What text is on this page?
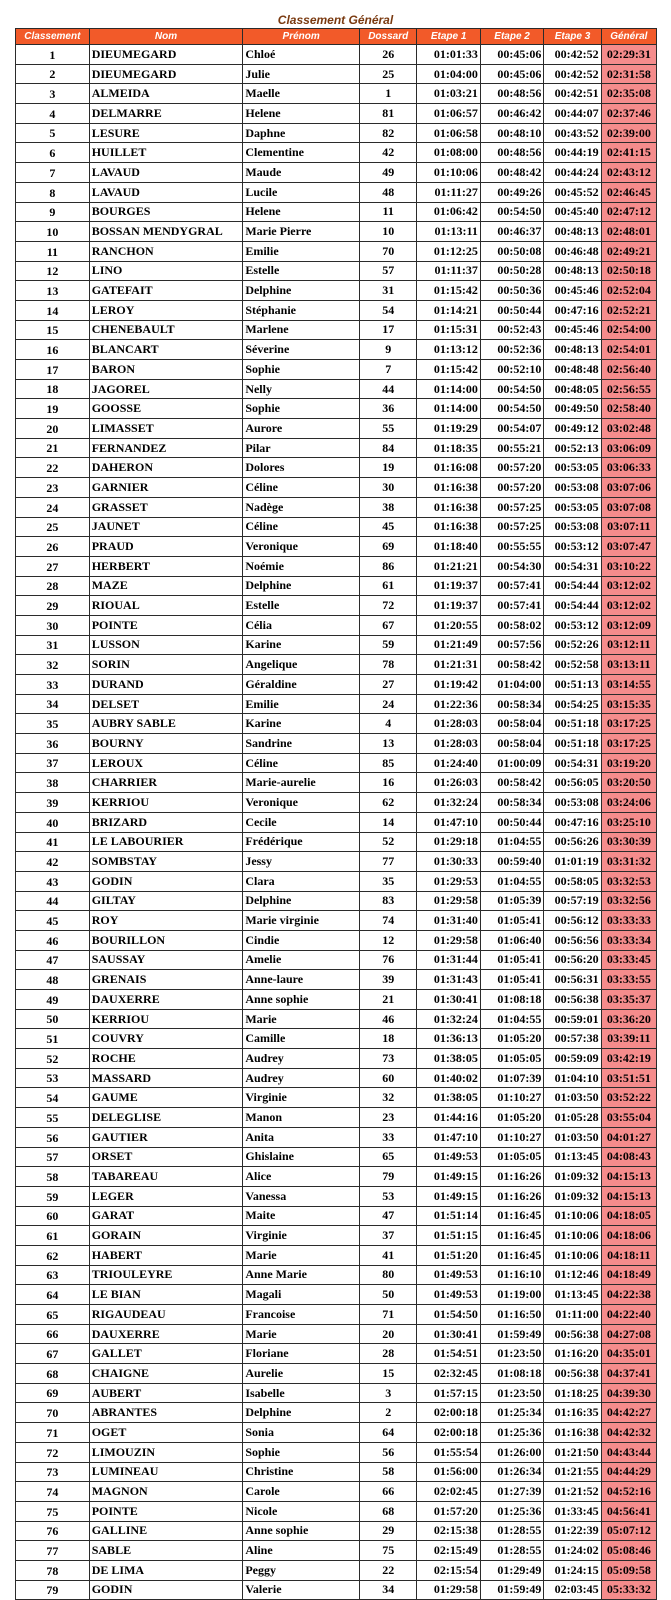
Classement Général
Classement	Nom	Prénom	Dossard	Etape 1	Etape 2	Etape 3	Général
1	DIEUMEGARD	Chloé	26	01:01:33	00:45:06	00:42:52	02:29:31
2	DIEUMEGARD	Julie	25	01:04:00	00:45:06	00:42:52	02:31:58
3	ALMEIDA	Maelle	1	01:03:21	00:48:56	00:42:51	02:35:08
4	DELMARRE	Helene	81	01:06:57	00:46:42	00:44:07	02:37:46
5	LESURE	Daphne	82	01:06:58	00:48:10	00:43:52	02:39:00
6	HUILLET	Clementine	42	01:08:00	00:48:56	00:44:19	02:41:15
7	LAVAUD	Maude	49	01:10:06	00:48:42	00:44:24	02:43:12
8	LAVAUD	Lucile	48	01:11:27	00:49:26	00:45:52	02:46:45
9	BOURGES	Helene	11	01:06:42	00:54:50	00:45:40	02:47:12
10	BOSSAN MENDYGRAL	Marie Pierre	10	01:13:11	00:46:37	00:48:13	02:48:01
11	RANCHON	Emilie	70	01:12:25	00:50:08	00:46:48	02:49:21
12	LINO	Estelle	57	01:11:37	00:50:28	00:48:13	02:50:18
13	GATEFAIT	Delphine	31	01:15:42	00:50:36	00:45:46	02:52:04
14	LEROY	Stéphanie	54	01:14:21	00:50:44	00:47:16	02:52:21
15	CHENEBAULT	Marlene	17	01:15:31	00:52:43	00:45:46	02:54:00
16	BLANCART	Séverine	9	01:13:12	00:52:36	00:48:13	02:54:01
17	BARON	Sophie	7	01:15:42	00:52:10	00:48:48	02:56:40
18	JAGOREL	Nelly	44	01:14:00	00:54:50	00:48:05	02:56:55
19	GOOSSE	Sophie	36	01:14:00	00:54:50	00:49:50	02:58:40
20	LIMASSET	Aurore	55	01:19:29	00:54:07	00:49:12	03:02:48
21	FERNANDEZ	Pilar	84	01:18:35	00:55:21	00:52:13	03:06:09
22	DAHERON	Dolores	19	01:16:08	00:57:20	00:53:05	03:06:33
23	GARNIER	Céline	30	01:16:38	00:57:20	00:53:08	03:07:06
24	GRASSET	Nadège	38	01:16:38	00:57:25	00:53:05	03:07:08
25	JAUNET	Céline	45	01:16:38	00:57:25	00:53:08	03:07:11
26	PRAUD	Veronique	69	01:18:40	00:55:55	00:53:12	03:07:47
27	HERBERT	Noémie	86	01:21:21	00:54:30	00:54:31	03:10:22
28	MAZE	Delphine	61	01:19:37	00:57:41	00:54:44	03:12:02
29	RIOUAL	Estelle	72	01:19:37	00:57:41	00:54:44	03:12:02
30	POINTE	Célia	67	01:20:55	00:58:02	00:53:12	03:12:09
31	LUSSON	Karine	59	01:21:49	00:57:56	00:52:26	03:12:11
32	SORIN	Angelique	78	01:21:31	00:58:42	00:52:58	03:13:11
33	DURAND	Géraldine	27	01:19:42	01:04:00	00:51:13	03:14:55
34	DELSET	Emilie	24	01:22:36	00:58:34	00:54:25	03:15:35
35	AUBRY SABLE	Karine	4	01:28:03	00:58:04	00:51:18	03:17:25
36	BOURNY	Sandrine	13	01:28:03	00:58:04	00:51:18	03:17:25
37	LEROUX	Céline	85	01:24:40	01:00:09	00:54:31	03:19:20
38	CHARRIER	Marie-aurelie	16	01:26:03	00:58:42	00:56:05	03:20:50
39	KERRIOU	Veronique	62	01:32:24	00:58:34	00:53:08	03:24:06
40	BRIZARD	Cecile	14	01:47:10	00:50:44	00:47:16	03:25:10
41	LE LABOURIER	Frédérique	52	01:29:18	01:04:55	00:56:26	03:30:39
42	SOMBSTAY	Jessy	77	01:30:33	00:59:40	01:01:19	03:31:32
43	GODIN	Clara	35	01:29:53	01:04:55	00:58:05	03:32:53
44	GILTAY	Delphine	83	01:29:58	01:05:39	00:57:19	03:32:56
45	ROY	Marie virginie	74	01:31:40	01:05:41	00:56:12	03:33:33
46	BOURILLON	Cindie	12	01:29:58	01:06:40	00:56:56	03:33:34
47	SAUSSAY	Amelie	76	01:31:44	01:05:41	00:56:20	03:33:45
48	GRENAIS	Anne-laure	39	01:31:43	01:05:41	00:56:31	03:33:55
49	DAUXERRE	Anne sophie	21	01:30:41	01:08:18	00:56:38	03:35:37
50	KERRIOU	Marie	46	01:32:24	01:04:55	00:59:01	03:36:20
51	COUVRY	Camille	18	01:36:13	01:05:20	00:57:38	03:39:11
52	ROCHE	Audrey	73	01:38:05	01:05:05	00:59:09	03:42:19
53	MASSARD	Audrey	60	01:40:02	01:07:39	01:04:10	03:51:51
54	GAUME	Virginie	32	01:38:05	01:10:27	01:03:50	03:52:22
55	DELEGLISE	Manon	23	01:44:16	01:05:20	01:05:28	03:55:04
56	GAUTIER	Anita	33	01:47:10	01:10:27	01:03:50	04:01:27
57	ORSET	Ghislaine	65	01:49:53	01:05:05	01:13:45	04:08:43
58	TABAREAU	Alice	79	01:49:15	01:16:26	01:09:32	04:15:13
59	LEGER	Vanessa	53	01:49:15	01:16:26	01:09:32	04:15:13
60	GARAT	Maite	47	01:51:14	01:16:45	01:10:06	04:18:05
61	GORAIN	Virginie	37	01:51:15	01:16:45	01:10:06	04:18:06
62	HABERT	Marie	41	01:51:20	01:16:45	01:10:06	04:18:11
63	TRIOULEYRE	Anne Marie	80	01:49:53	01:16:10	01:12:46	04:18:49
64	LE BIAN	Magali	50	01:49:53	01:19:00	01:13:45	04:22:38
65	RIGAUDEAU	Francoise	71	01:54:50	01:16:50	01:11:00	04:22:40
66	DAUXERRE	Marie	20	01:30:41	01:59:49	00:56:38	04:27:08
67	GALLET	Floriane	28	01:54:51	01:23:50	01:16:20	04:35:01
68	CHAIGNE	Aurelie	15	02:32:45	01:08:18	00:56:38	04:37:41
69	AUBERT	Isabelle	3	01:57:15	01:23:50	01:18:25	04:39:30
70	ABRANTES	Delphine	2	02:00:18	01:25:34	01:16:35	04:42:27
71	OGET	Sonia	64	02:00:18	01:25:36	01:16:38	04:42:32
72	LIMOUZIN	Sophie	56	01:55:54	01:26:00	01:21:50	04:43:44
73	LUMINEAU	Christine	58	01:56:00	01:26:34	01:21:55	04:44:29
74	MAGNON	Carole	66	02:02:45	01:27:39	01:21:52	04:52:16
75	POINTE	Nicole	68	01:57:20	01:25:36	01:33:45	04:56:41
76	GALLINE	Anne sophie	29	02:15:38	01:28:55	01:22:39	05:07:12
77	SABLE	Aline	75	02:15:49	01:28:55	01:24:02	05:08:46
78	DE LIMA	Peggy	22	02:15:54	01:29:49	01:24:15	05:09:58
79	GODIN	Valerie	34	01:29:58	01:59:49	02:03:45	05:33:32
